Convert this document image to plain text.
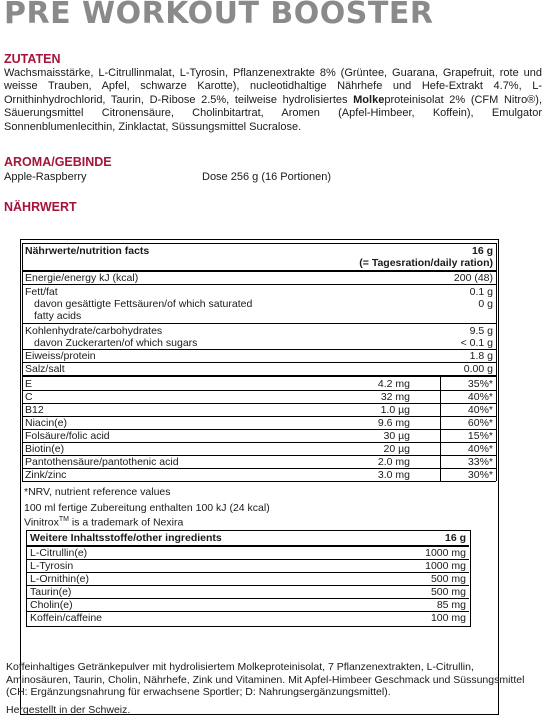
PRE WORKOUT BOOSTER
ZUTATEN
Wachsmaisstärke, L-Citrullinmalat, L-Tyrosin, Pflanzenextrakte 8% (Grüntee, Guarana, Grapefruit, rote und weisse Trauben, Apfel, schwarze Karotte), nucleotidhaltige Nährhefe und Hefe-Extrakt 4.7%, L-Ornithinhydrochlorid, Taurin, D-Ribose 2.5%, teilweise hydrolisiertes Molkeproteinisolat 2% (CFM Nitro®), Säuerungsmittel Citronensäure, Cholinbitartrat, Aromen (Apfel-Himbeer, Koffein), Emulgator Sonnenblumenlecithin, Zinklactat, Süssungsmittel Sucralose.
AROMA/GEBINDE
Apple-Raspberry	Dose 256 g (16 Portionen)
NÄHRWERT
Nährwerte/nutrition facts	16 g
(= Tagesration/daily ration)
Energie/energy kJ (kcal)	200 (48)
Fett/fat	0.1 g
davon gesättigte Fettsäuren/of which saturated	0 g
fatty acids
Kohlenhydrate/carbohydrates	9.5 g
davon Zuckerarten/of which sugars	< 0.1 g
Eiweiss/protein	1.8 g
Salz/salt	0.00 g
E	4.2 mg	35%*
C	32 mg	40%*
B12	1.0 µg	40%*
Niacin(e)	9.6 mg	60%*
Folsäure/folic acid	30 µg	15%*
Biotin(e)	20 µg	40%*
Pantothensäure/pantothenic acid	2.0 mg	33%*
Zink/zinc	3.0 mg	30%*
*NRV, nutrient reference values
100 ml fertige Zubereitung enthalten 100 kJ (24 kcal)
Vinitrox™ is a trademark of Nexira
Weitere Inhaltsstoffe/other ingredients	16 g
L-Citrullin(e)	1000 mg
L-Tyrosin	1000 mg
L-Ornithin(e)	500 mg
Taurin(e)	500 mg
Cholin(e)	85 mg
Koffein/caffeine	100 mg
Koffeinhaltiges Getränkepulver mit hydrolisiertem Molkeproteinisolat, 7 Pflanzenextrakten, L-Citrullin, Aminosäuren, Taurin, Cholin, Nährhefe, Zink und Vitaminen. Mit Apfel-Himbeer Geschmack und Süssungsmittel (CH: Ergänzungsnahrung für erwachsene Sportler; D: Nahrungsergänzungsmittel).
Hergestellt in der Schweiz.
